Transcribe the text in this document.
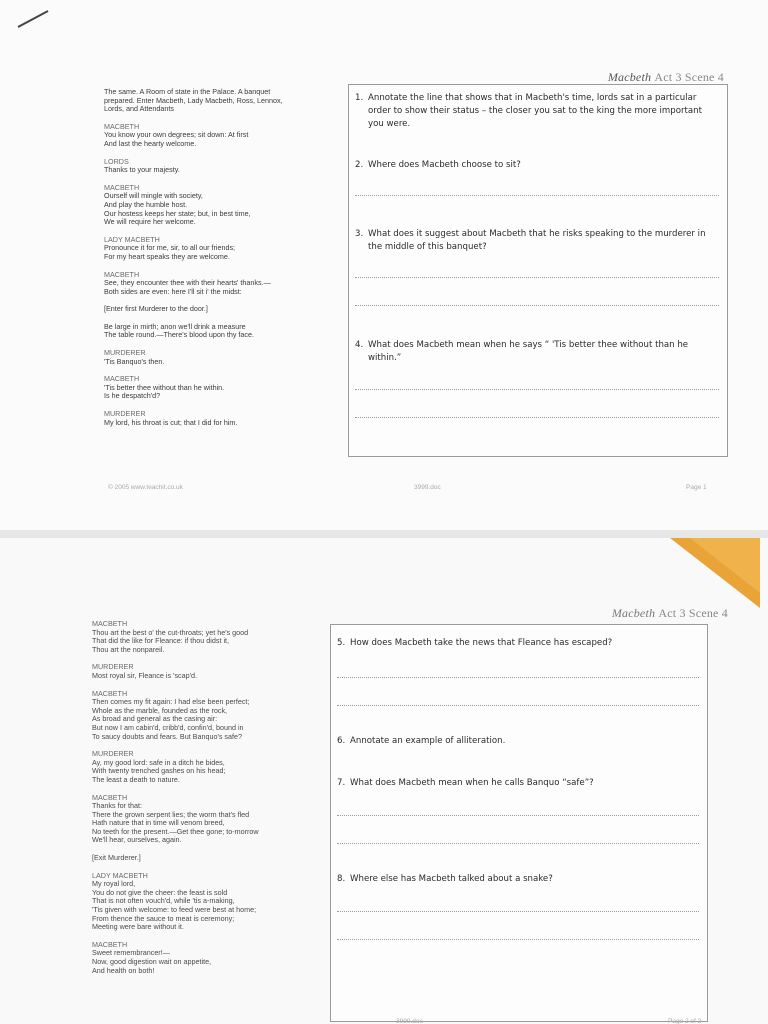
Macbeth Act 3 Scene 4
The same. A Room of state in the Palace. A banquet
prepared. Enter Macbeth, Lady Macbeth, Ross, Lennox,
Lords, and Attendants
MACBETH
You know your own degrees; sit down: At first
And last the hearty welcome.
LORDS
Thanks to your majesty.
MACBETH
Ourself will mingle with society,
And play the humble host.
Our hostess keeps her state; but, in best time,
We will require her welcome.
LADY MACBETH
Pronounce it for me, sir, to all our friends;
For my heart speaks they are welcome.
MACBETH
See, they encounter thee with their hearts' thanks.—
Both sides are even: here I'll sit i' the midst:
[Enter first Murderer to the door.]
Be large in mirth; anon we'll drink a measure
The table round.—There's blood upon thy face.
MURDERER
'Tis Banquo's then.
MACBETH
'Tis better thee without than he within.
Is he despatch'd?
MURDERER
My lord, his throat is cut; that I did for him.
1. Annotate the line that shows that in Macbeth's time, lords sat in a particular order to show their status – the closer you sat to the king the more important you were.
2. Where does Macbeth choose to sit?
3. What does it suggest about Macbeth that he risks speaking to the murderer in the middle of this banquet?
4. What does Macbeth mean when he says “ 'Tis better thee without than he within.”
© 2005 www.teachit.co.uk	3999.doc	Page 1
Macbeth Act 3 Scene 4
MACBETH
Thou art the best o' the cut-throats; yet he's good
That did the like for Fleance: if thou didst it,
Thou art the nonpareil.
MURDERER
Most royal sir, Fleance is 'scap'd.
MACBETH
Then comes my fit again: I had else been perfect;
Whole as the marble, founded as the rock,
As broad and general as the casing air:
But now I am cabin'd, cribb'd, confin'd, bound in
To saucy doubts and fears. But Banquo's safe?
MURDERER
Ay, my good lord: safe in a ditch he bides,
With twenty trenched gashes on his head;
The least a death to nature.
MACBETH
Thanks for that:
There the grown serpent lies; the worm that's fled
Hath nature that in time will venom breed,
No teeth for the present.—Get thee gone; to-morrow
We'll hear, ourselves, again.
[Exit Murderer.]
LADY MACBETH
My royal lord,
You do not give the cheer: the feast is sold
That is not often vouch'd, while 'tis a-making,
'Tis given with welcome: to feed were best at home;
From thence the sauce to meat is ceremony;
Meeting were bare without it.
MACBETH
Sweet remembrancer!—
Now, good digestion wait on appetite,
And health on both!
5. How does Macbeth take the news that Fleance has escaped?
6. Annotate an example of alliteration.
7. What does Macbeth mean when he calls Banquo “safe”?
8. Where else has Macbeth talked about a snake?
3999.doc	Page 2 of 2
